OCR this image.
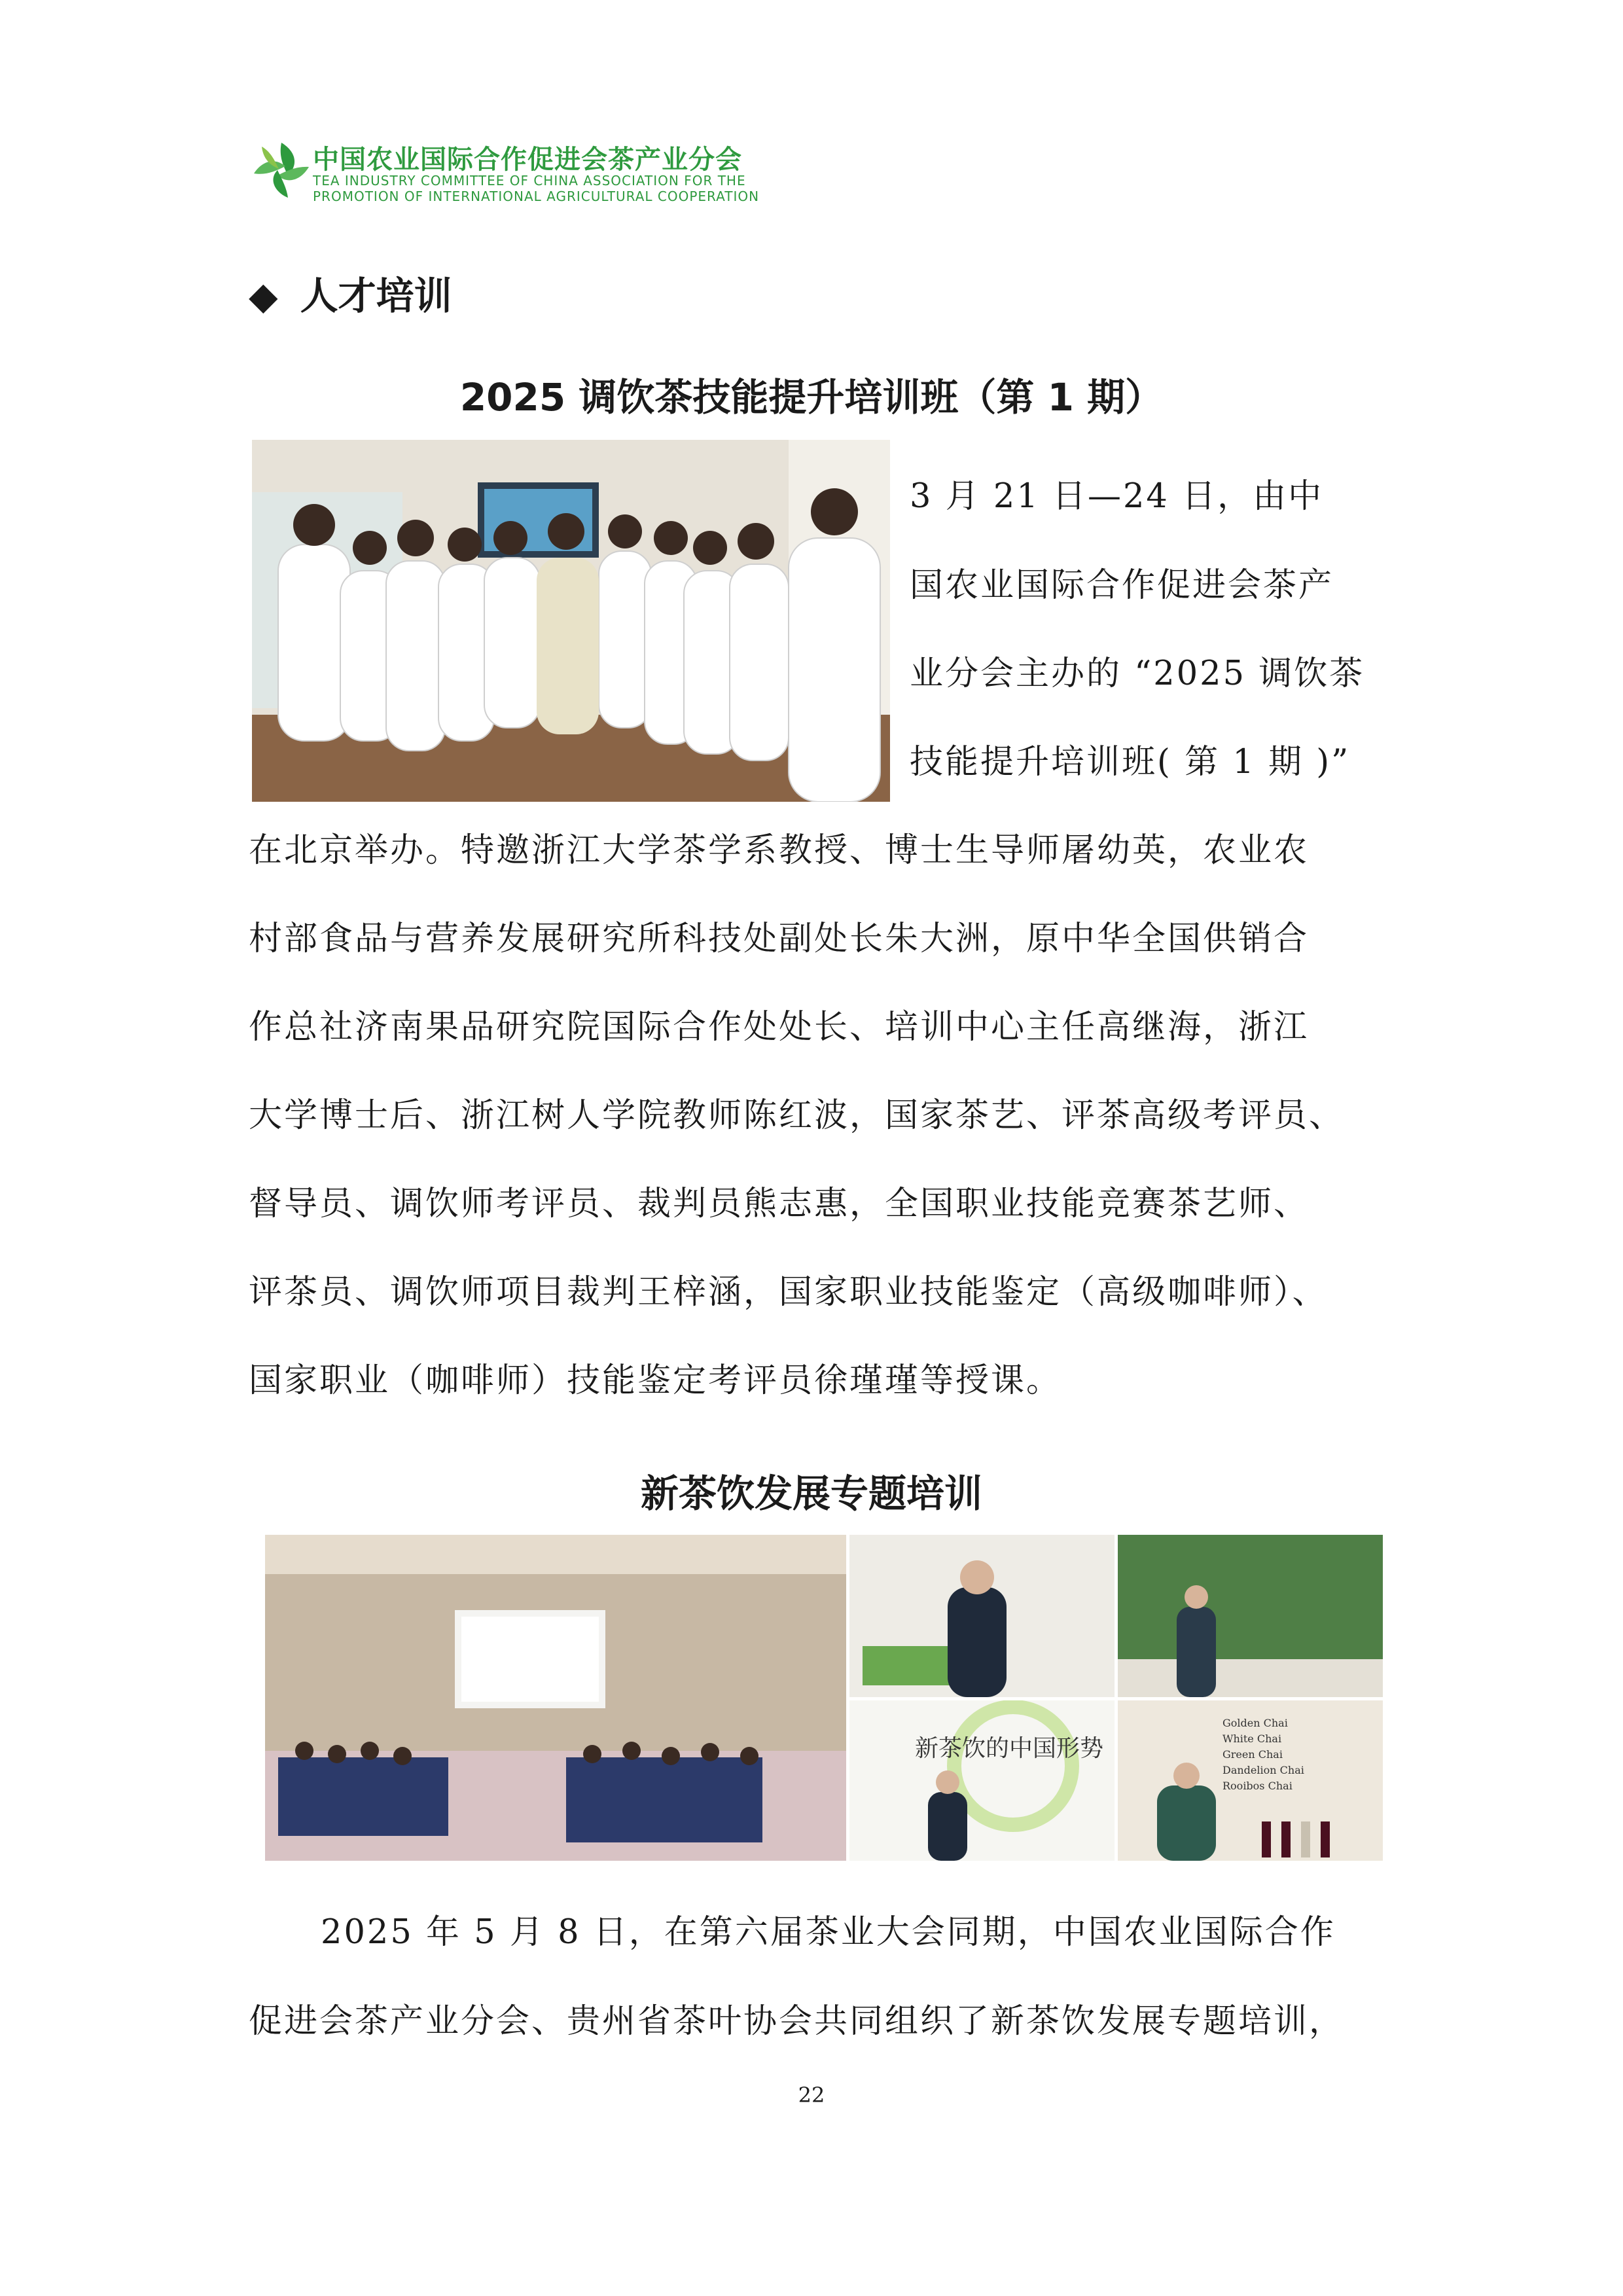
中国农业国际合作促进会茶产业分会
TEA INDUSTRY COMMITTEE OF CHINA ASSOCIATION FOR THE
PROMOTION OF INTERNATIONAL AGRICULTURAL COOPERATION
◆ 人才培训
2025 调饮茶技能提升培训班（第 1 期）
3 月 21 日—24 日，由中
国农业国际合作促进会茶产
业分会主办的 “2025 调饮茶
技能提升培训班( 第 1 期 )”
在北京举办。特邀浙江大学茶学系教授、博士生导师屠幼英，农业农
村部食品与营养发展研究所科技处副处长朱大洲，原中华全国供销合
作总社济南果品研究院国际合作处处长、培训中心主任高继海，浙江
大学博士后、浙江树人学院教师陈红波，国家茶艺、评茶高级考评员、
督导员、调饮师考评员、裁判员熊志惠，全国职业技能竞赛茶艺师、
评茶员、调饮师项目裁判王梓涵，国家职业技能鉴定（高级咖啡师）、
国家职业（咖啡师）技能鉴定考评员徐瑾瑾等授课。
新茶饮发展专题培训
新茶饮的中国形势
Golden Chai
White Chai
Green Chai
Dandelion Chai
Rooibos Chai
2025 年 5 月 8 日，在第六届茶业大会同期，中国农业国际合作
促进会茶产业分会、贵州省茶叶协会共同组织了新茶饮发展专题培训，
22
